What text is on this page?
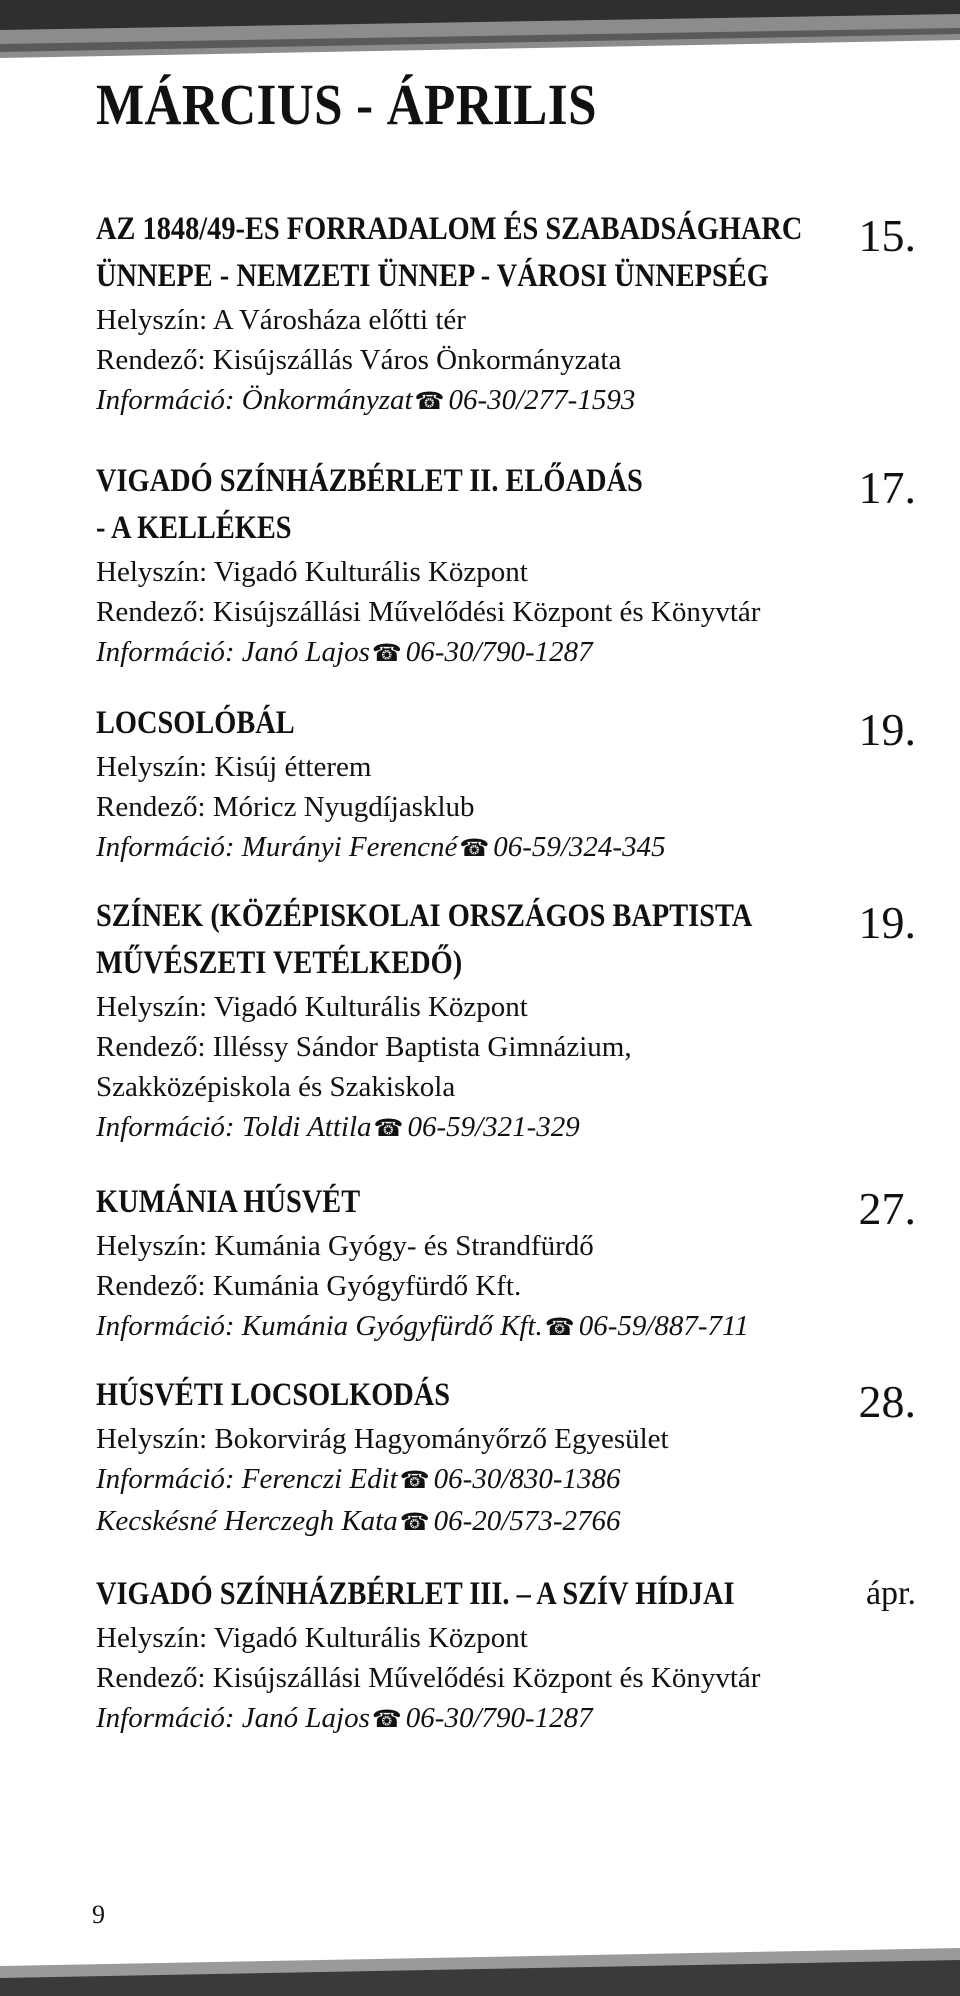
MÁRCIUS - ÁPRILIS
15.
AZ 1848/49-ES FORRADALOM ÉS SZABADSÁGHARC
ÜNNEPE - NEMZETI ÜNNEP - VÁROSI ÜNNEPSÉG
Helyszín: A Városháza előtti tér
Rendező: Kisújszállás Város Önkormányzata
Információ: Önkormányzat☎ 06-30/277-1593
17.
VIGADÓ SZÍNHÁZBÉRLET II. ELŐADÁS
- A KELLÉKES
Helyszín: Vigadó Kulturális Központ
Rendező: Kisújszállási Művelődési Központ és Könyvtár
Információ: Janó Lajos☎ 06-30/790-1287
19.
LOCSOLÓBÁL
Helyszín: Kisúj étterem
Rendező: Móricz Nyugdíjasklub
Információ: Murányi Ferencné☎ 06-59/324-345
19.
SZÍNEK (KÖZÉPISKOLAI ORSZÁGOS BAPTISTA
MŰVÉSZETI VETÉLKEDŐ)
Helyszín: Vigadó Kulturális Központ
Rendező: Illéssy Sándor Baptista Gimnázium,
Szakközépiskola és Szakiskola
Információ: Toldi Attila☎ 06-59/321-329
27.
KUMÁNIA HÚSVÉT
Helyszín: Kumánia Gyógy- és Strandfürdő
Rendező: Kumánia Gyógyfürdő Kft.
Információ: Kumánia Gyógyfürdő Kft.☎ 06-59/887-711
28.
HÚSVÉTI LOCSOLKODÁS
Helyszín: Bokorvirág Hagyományőrző Egyesület
Információ: Ferenczi Edit☎ 06-30/830-1386
Kecskésné Herczegh Kata☎ 06-20/573-2766
ápr.
VIGADÓ SZÍNHÁZBÉRLET III. – A SZÍV HÍDJAI
Helyszín: Vigadó Kulturális Központ
Rendező: Kisújszállási Művelődési Központ és Könyvtár
Információ: Janó Lajos☎ 06-30/790-1287
9
